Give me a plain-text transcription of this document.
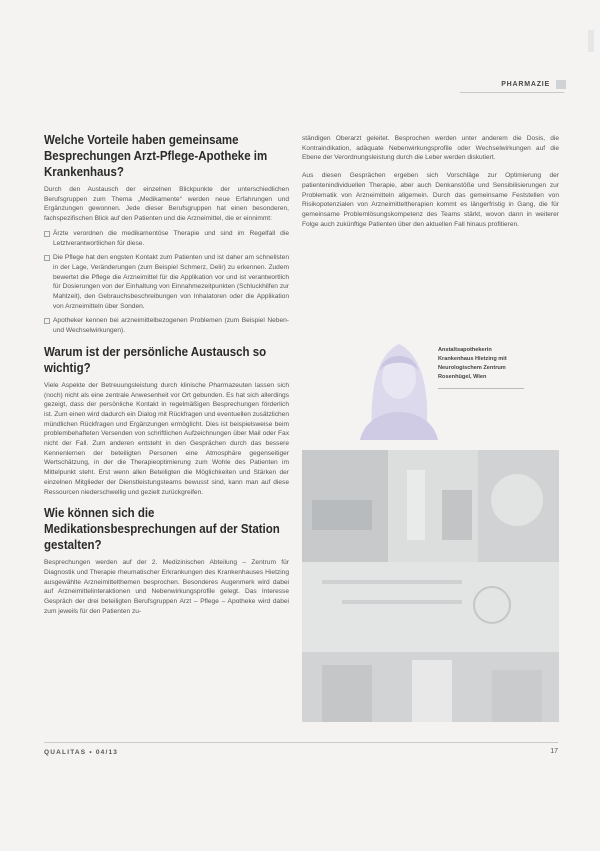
PHARMAZIE
Welche Vorteile haben gemeinsame Besprechungen Arzt-Pflege-Apotheke im Krankenhaus?

Durch den Austausch der einzelnen Blickpunkte der unterschiedlichen Berufsgruppen zum Thema „Medikamente“ werden neue Erfahrungen und Ergänzungen gewonnen. Jede dieser Berufsgruppen hat einen besonderen, fachspezifischen Blick auf den Patienten und die Arzneimittel, die er einnimmt:

Ärzte verordnen die medikamentöse Therapie und sind im Regelfall die Letztverantwortlichen für diese.
Die Pflege hat den engsten Kontakt zum Patienten und ist daher am schnellsten in der Lage, Veränderungen (zum Beispiel Schmerz, Delir) zu erkennen. Zudem bewertet die Pflege die Arzneimittel für die Applikation vor und ist verantwortlich für Dosierungen von der Einhaltung von Einnahmezeitpunkten (Schluckhilfen zur Mahlzeit), den Gebrauchsbeschreibungen von Inhalatoren oder die Applikation von Arzneimitteln über Sonden.
Apotheker kennen bei arzneimittelbezogenen Problemen (zum Beispiel Neben- und Wechselwirkungen).
Warum ist der persönliche Austausch so wichtig?

Viele Aspekte der Betreuungsleistung durch klinische Pharmazeuten lassen sich (noch) nicht als eine zentrale Anwesenheit vor Ort gebunden. Es hat sich allerdings gezeigt, dass der persönliche Kontakt in regelmäßigen Besprechungen förderlich ist. Zum einen wird dadurch ein Dialog mit Rückfragen und eventuellen zusätzlichen mündlichen Rückfragen und Ergänzungen ermöglicht. Dies ist beispielsweise beim problembehafteten Versenden von schriftlichen Aufzeichnungen über Mail oder Fax nicht der Fall. Zum anderen entsteht in den Gesprächen durch das bessere Kennenlernen der beteiligten Personen eine Atmosphäre gegenseitiger Wertschätzung, in der die Therapieoptimierung zum Wohle des Patienten im Mittelpunkt steht. Erst wenn allen Beteiligten die Möglichkeiten und Stärken der einzelnen Mitglieder der Dienstleistungsteams bewusst sind, kann man auf diese Ressourcen niederschwellig und gezielt zurückgreifen.

Wie können sich die Medikationsbesprechungen auf der Station gestalten?

Besprechungen werden auf der 2. Medizinischen Abteilung – Zentrum für Diagnostik und Therapie rheumatischer Erkrankungen des Krankenhauses Hietzing ausgewählte Arzneimittelthemen besprochen. Besonderes Augenmerk wird dabei auf Arzneimittelinteraktionen und Nebenwirkungsprofile gelegt. Das Interesse Gespräch der drei beteiligten Berufsgruppen Arzt – Pflege – Apotheke wird dabei zum jeweils für den Patienten zu-

ständigen Oberarzt geleitet. Besprochen werden unter anderem die Dosis, die Kontraindikation, adäquate Nebenwirkungsprofile oder Wechselwirkungen auf die Ebene der Verordnungsleistung durch die Leber werden diskutiert.

Aus diesen Gesprächen ergeben sich Vorschläge zur Optimierung der patientenindividuellen Therapie, aber auch Denkanstöße und Sensibilisierungen zur Problematik von Arzneimitteln allgemein. Durch das gemeinsame Feststellen von Risikopotenzialen von Arzneimitteltherapien kommt es längerfristig in Gang, die für gemeinsame Problemlösungskompetenz des Teams stärkt, wovon dann in weiterer Folge auch zukünftige Patienten über den aktuellen Fall hinaus profitieren.

Anstaltsapothekerin
Krankenhaus Hietzing mit
Neurologischem Zentrum
Rosenhügel, Wien
QUALITAS • 04/13	17
